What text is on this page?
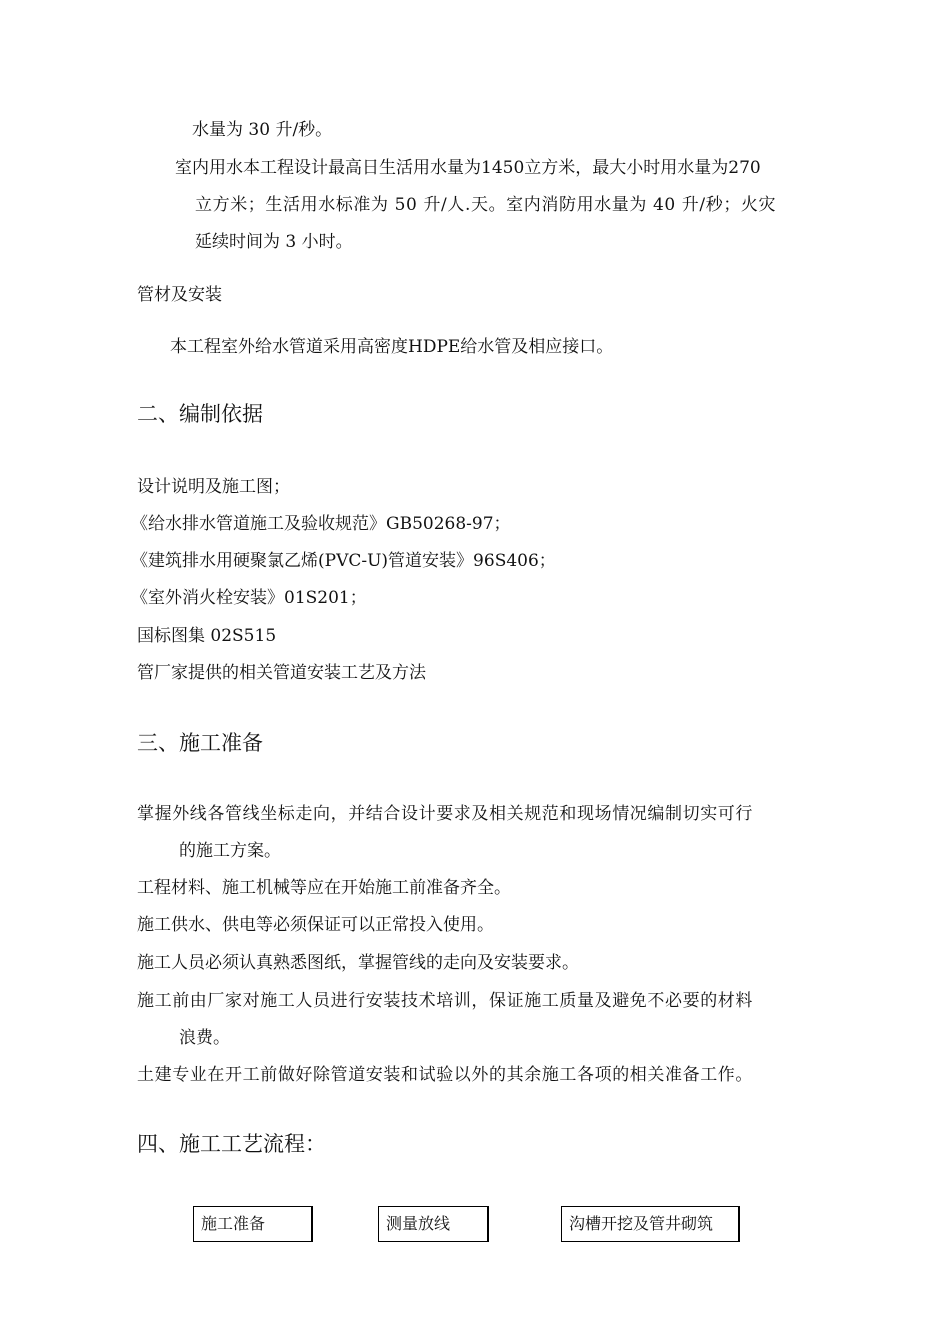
水量为 30 升/秒。
室内用水本工程设计最高日生活用水量为1450立方米，最大小时用水量为270
立方米；生活用水标准为 50 升/人.天。室内消防用水量为 40 升/秒；火灾
延续时间为 3 小时。
管材及安装
本工程室外给水管道采用高密度HDPE给水管及相应接口。
二、编制依据
设计说明及施工图；
《给水排水管道施工及验收规范》GB50268-97；
《建筑排水用硬聚氯乙烯(PVC-U)管道安装》96S406；
《室外消火栓安装》01S201；
国标图集 02S515
管厂家提供的相关管道安装工艺及方法
三、施工准备
掌握外线各管线坐标走向，并结合设计要求及相关规范和现场情况编制切实可行
的施工方案。
工程材料、施工机械等应在开始施工前准备齐全。
施工供水、供电等必须保证可以正常投入使用。
施工人员必须认真熟悉图纸，掌握管线的走向及安装要求。
施工前由厂家对施工人员进行安装技术培训，保证施工质量及避免不必要的材料
浪费。
土建专业在开工前做好除管道安装和试验以外的其余施工各项的相关准备工作。
四、施工工艺流程：
施工准备	测量放线	沟槽开挖及管井砌筑
